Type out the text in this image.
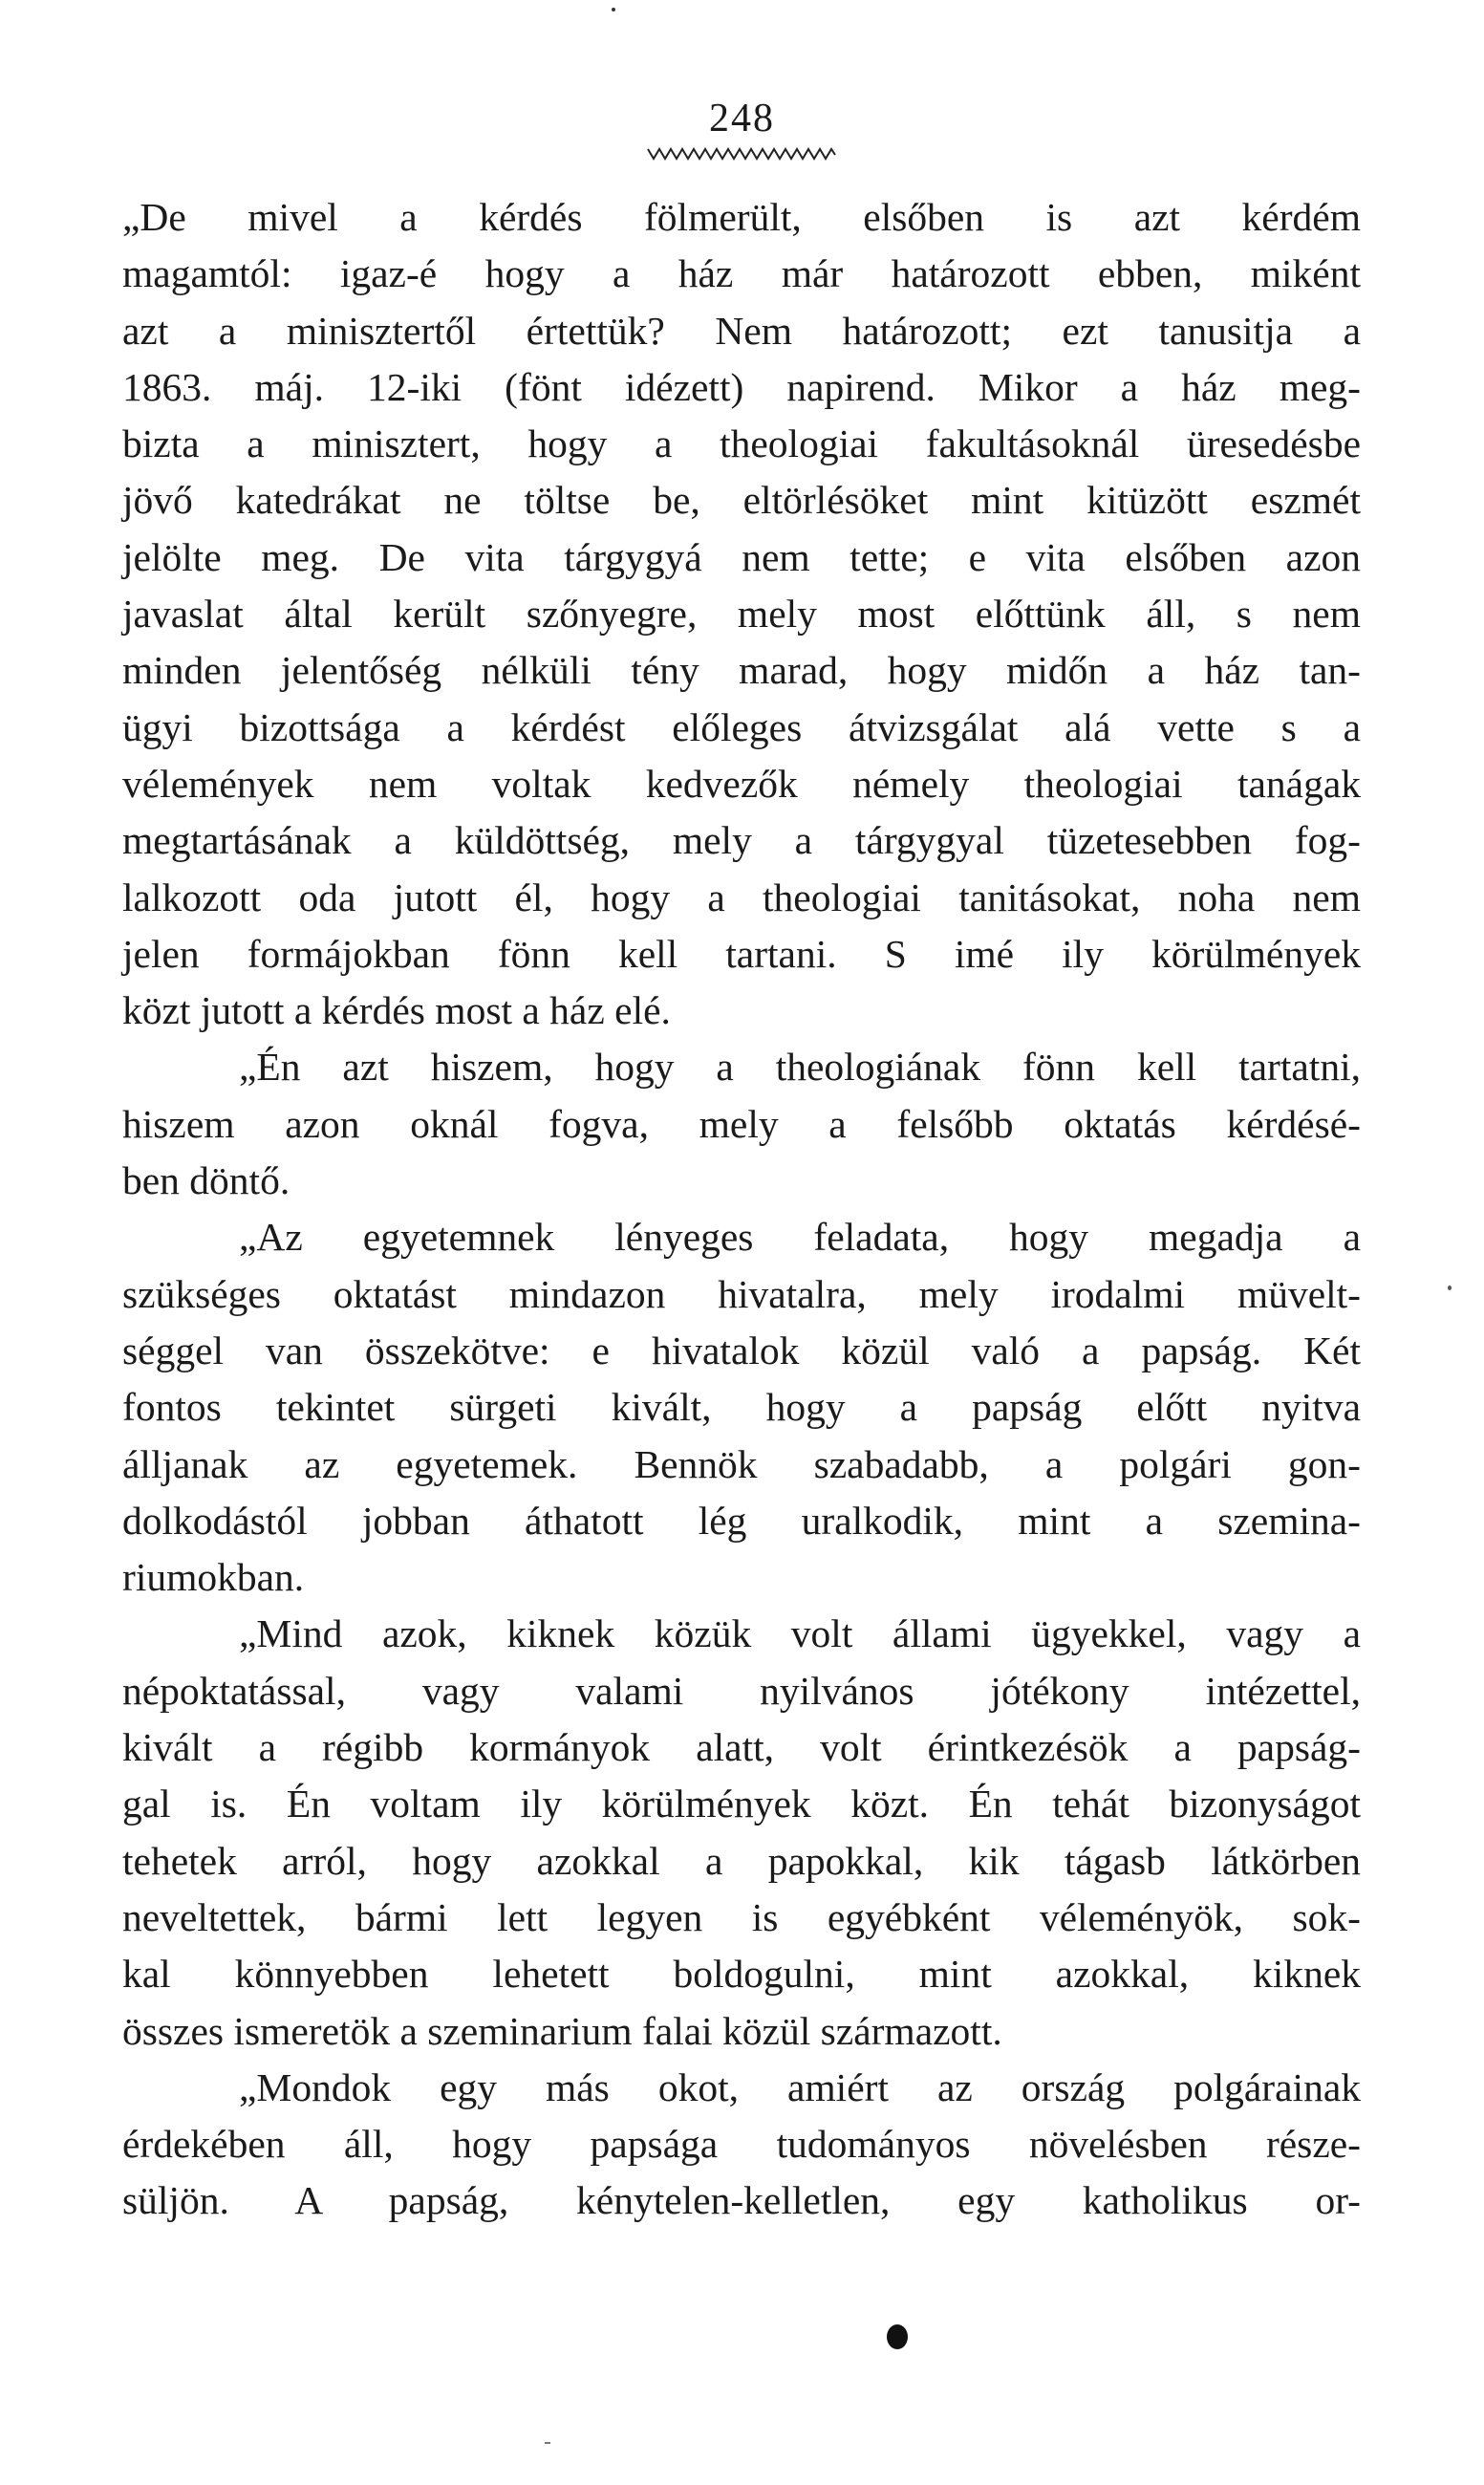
248

„De mivel a kérdés fölmerült, elsőben is azt kérdém
magamtól: igaz-é hogy a ház már határozott ebben, miként
azt a minisztertől értettük? Nem határozott; ezt tanusitja a
1863. máj. 12-iki (fönt idézett) napirend. Mikor a ház meg-
bizta a minisztert, hogy a theologiai fakultásoknál üresedésbe
jövő katedrákat ne töltse be, eltörlésöket mint kitüzött eszmét
jelölte meg. De vita tárgygyá nem tette; e vita elsőben azon
javaslat által került szőnyegre, mely most előttünk áll, s nem
minden jelentőség nélküli tény marad, hogy midőn a ház tan-
ügyi bizottsága a kérdést előleges átvizsgálat alá vette s a
vélemények nem voltak kedvezők némely theologiai tanágak
megtartásának a küldöttség, mely a tárgygyal tüzetesebben fog-
lalkozott oda jutott él, hogy a theologiai tanitásokat, noha nem
jelen formájokban fönn kell tartani. S imé ily körülmények
közt jutott a kérdés most a ház elé.

„Én azt hiszem, hogy a theologiának fönn kell tartatni,
hiszem azon oknál fogva, mely a felsőbb oktatás kérdésé-
ben döntő.

„Az egyetemnek lényeges feladata, hogy megadja a
szükséges oktatást mindazon hivatalra, mely irodalmi müvelt-
séggel van összekötve: e hivatalok közül való a papság. Két
fontos tekintet sürgeti kivált, hogy a papság előtt nyitva
álljanak az egyetemek. Bennök szabadabb, a polgári gon-
dolkodástól jobban áthatott lég uralkodik, mint a szemina-
riumokban.

„Mind azok, kiknek közük volt állami ügyekkel, vagy a
népoktatással, vagy valami nyilvános jótékony intézettel,
kivált a régibb kormányok alatt, volt érintkezésök a papság-
gal is. Én voltam ily körülmények közt. Én tehát bizonyságot
tehetek arról, hogy azokkal a papokkal, kik tágasb látkörben
neveltettek, bármi lett legyen is egyébként véleményök, sok-
kal könnyebben lehetett boldogulni, mint azokkal, kiknek
összes ismeretök a szeminarium falai közül származott.

„Mondok egy más okot, amiért az ország polgárainak
érdekében áll, hogy papsága tudományos növelésben része-
süljön. A papság, kénytelen-kelletlen, egy katholikus or-
